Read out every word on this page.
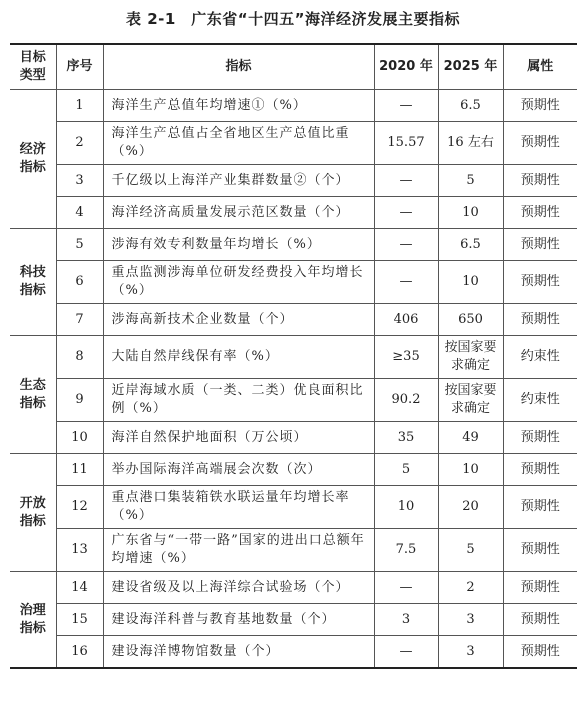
表 2-1　广东省“十四五”海洋经济发展主要指标
目标类型	序号	指标	2020 年	2025 年	属性
经济指标	1	海洋生产总值年均增速①（%）	—	6.5	预期性
	2	海洋生产总值占全省地区生产总值比重（%）	15.57	16 左右	预期性
	3	千亿级以上海洋产业集群数量②（个）	—	5	预期性
	4	海洋经济高质量发展示范区数量（个）	—	10	预期性
科技指标	5	涉海有效专利数量年均增长（%）	—	6.5	预期性
	6	重点监测涉海单位研发经费投入年均增长（%）	—	10	预期性
	7	涉海高新技术企业数量（个）	406	650	预期性
生态指标	8	大陆自然岸线保有率（%）	≥35	按国家要求确定	约束性
	9	近岸海域水质（一类、二类）优良面积比例（%）	90.2	按国家要求确定	约束性
	10	海洋自然保护地面积（万公顷）	35	49	预期性
开放指标	11	举办国际海洋高端展会次数（次）	5	10	预期性
	12	重点港口集装箱铁水联运量年均增长率（%）	10	20	预期性
	13	广东省与“一带一路”国家的进出口总额年均增速（%）	7.5	5	预期性
治理指标	14	建设省级及以上海洋综合试验场（个）	—	2	预期性
	15	建设海洋科普与教育基地数量（个）	3	3	预期性
	16	建设海洋博物馆数量（个）	—	3	预期性
